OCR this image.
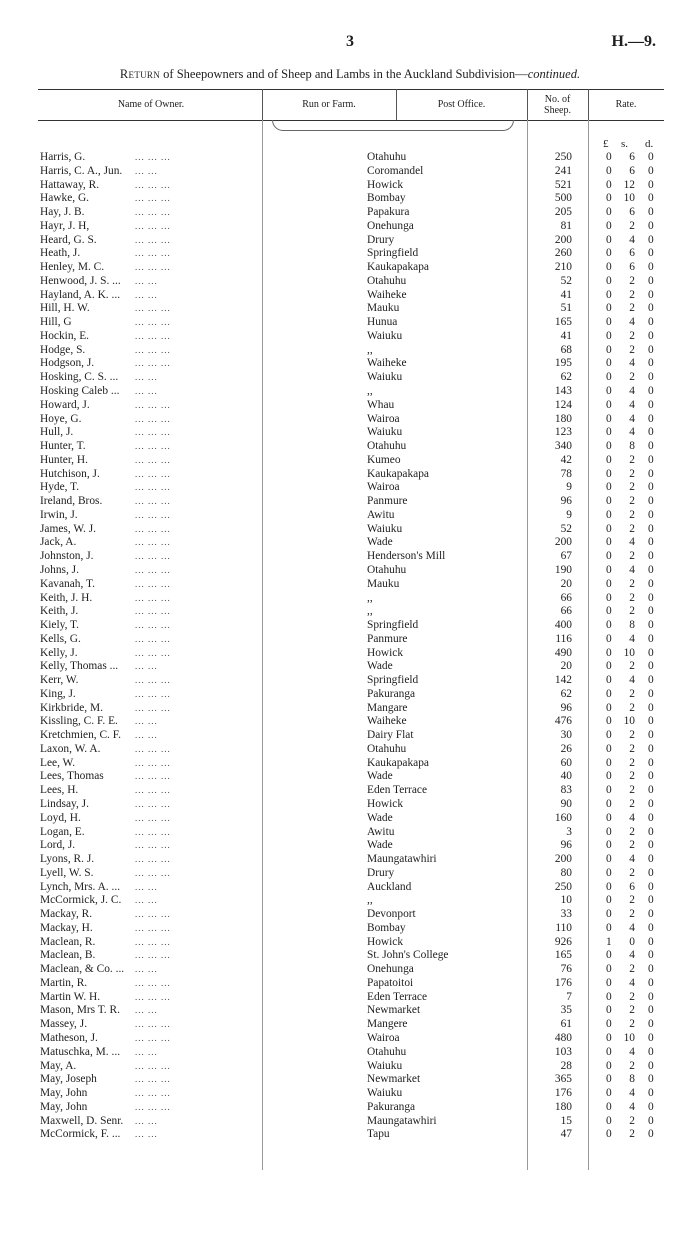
3	H.—9.
Return of Sheepowners and of Sheep and Lambs in the Auckland Subdivision—continued.
Name of Owner.	Run or Farm.	Post Office.	No. of
Sheep.
Rate.
£ s. d.
Harris, G.	... ... ...	Otahuhu	250	0	6 0
Harris, C. A., Jun. ... ...	Coromandel	241	0	6 0
Hattaway, R.	... ... ...	Howick	521	0	12 0
Hawke, G.	... ... ...	Bombay	500	0	10 0
Hay, J. B.	... ... ...	Papakura	205	0	6 0
Hayr, J. H,	... ... ...	Onehunga	81	0	2 0
Heard, G. S.	... ... ...	Drury	200	0	4 0
Heath, J.	... ... ...	Springfield	260	0	6 0
Henley, M. C.	... ... ...	Kaukapakapa	210	0	6 0
Henwood, J. S. ... ... ...	Otahuhu	52	0	2 0
Hayland, A. K. ... ... ...	Waiheke	41	0	2 0
Hill, H. W.	... ... ...	Mauku	51	0	2 0
Hill, G	... ... ...	Hunua	165	0	4 0
Hockin, E.	... ... ...	Waiuku	41	0	2 0
Hodge, S.	... ... ...	,,	68	0	2 0
Hodgson, J.	... ... ...	Waiheke	195	0	4 0
Hosking, C. S. ... ... ...	Waiuku	62	0	2 0
Hosking Caleb ... ... ...	,,	143	0	4 0
Howard, J.	... ... ...	Whau	124	0	4 0
Hoye, G.	... ... ...	Wairoa	180	0	4 0
Hull, J.	... ... ...	Waiuku	123	0	4 0
Hunter, T.	... ... ...	Otahuhu	340	0	8 0
Hunter, H.	... ... ...	Kumeo	42	0	2 0
Hutchison, J.	... ... ...	Kaukapakapa	78	0	2 0
Hyde, T.	... ... ...	Wairoa	9	0	2 0
Ireland, Bros.	... ... ...	Panmure	96	0	2 0
Irwin, J.	... ... ...	Awitu	9	0	2 0
James, W. J.	... ... ...	Waiuku	52	0	2 0
Jack, A.	... ... ...	Wade	200	0	4 0
Johnston, J.	... ... ...	Henderson's Mill	67	0	2 0
Johns, J.	... ... ...	Otahuhu	190	0	4 0
Kavanah, T.	... ... ...	Mauku	20	0	2 0
Keith, J. H.	... ... ...	,,	66	0	2 0
Keith, J.	... ... ...	,,	66	0	2 0
Kiely, T.	... ... ...	Springfield	400	0	8 0
Kells, G.	... ... ...	Panmure	116	0	4 0
Kelly, J.	... ... ...	Howick	490	0	10 0
Kelly, Thomas ... ... ...	Wade	20	0	2 0
Kerr, W.	... ... ...	Springfield	142	0	4 0
King, J.	... ... ...	Pakuranga	62	0	2 0
Kirkbride, M.	... ... ...	Mangare	96	0	2 0
Kissling, C. F. E. ... ...	Waiheke	476	0	10 0
Kretchmien, C. F. ... ...	Dairy Flat	30	0	2 0
Laxon, W. A.	... ... ...	Otahuhu	26	0	2 0
Lee, W.	... ... ...	Kaukapakapa	60	0	2 0
Lees, Thomas	... ... ...	Wade	40	0	2 0
Lees, H.	... ... ...	Eden Terrace	83	0	2 0
Lindsay, J.	... ... ...	Howick	90	0	2 0
Loyd, H.	... ... ...	Wade	160	0	4 0
Logan, E.	... ... ...	Awitu	3	0	2 0
Lord, J.	... ... ...	Wade	96	0	2 0
Lyons, R. J.	... ... ...	Maungatawhiri	200	0	4 0
Lyell, W. S.	... ... ...	Drury	80	0	2 0
Lynch, Mrs. A. ... ... ...	Auckland	250	0	6 0
McCormick, J. C. ... ...	,,	10	0	2 0
Mackay, R.	... ... ...	Devonport	33	0	2 0
Mackay, H.	... ... ...	Bombay	110	0	4 0
Maclean, R.	... ... ...	Howick	926	1	0 0
Maclean, B.	... ... ...	St. John's College	165	0	4 0
Maclean, & Co. ... ... ...	Onehunga	76	0	2 0
Martin, R.	... ... ...	Papatoitoi	176	0	4 0
Martin W. H.	... ... ...	Eden Terrace	7	0	2 0
Mason, Mrs T. R. ... ...	Newmarket	35	0	2 0
Massey, J.	... ... ...	Mangere	61	0	2 0
Matheson, J.	... ... ...	Wairoa	480	0	10 0
Matuschka, M. ... ... ...	Otahuhu	103	0	4 0
May, A.	... ... ...	Waiuku	28	0	2 0
May, Joseph	... ... ...	Newmarket	365	0	8 0
May, John	... ... ...	Waiuku	176	0	4 0
May, John	... ... ...	Pakuranga	180	0	4 0
Maxwell, D. Senr. ... ...	Maungatawhiri	15	0	2 0
McCormick, F. ... ... ...	Tapu	47	0	2 0
